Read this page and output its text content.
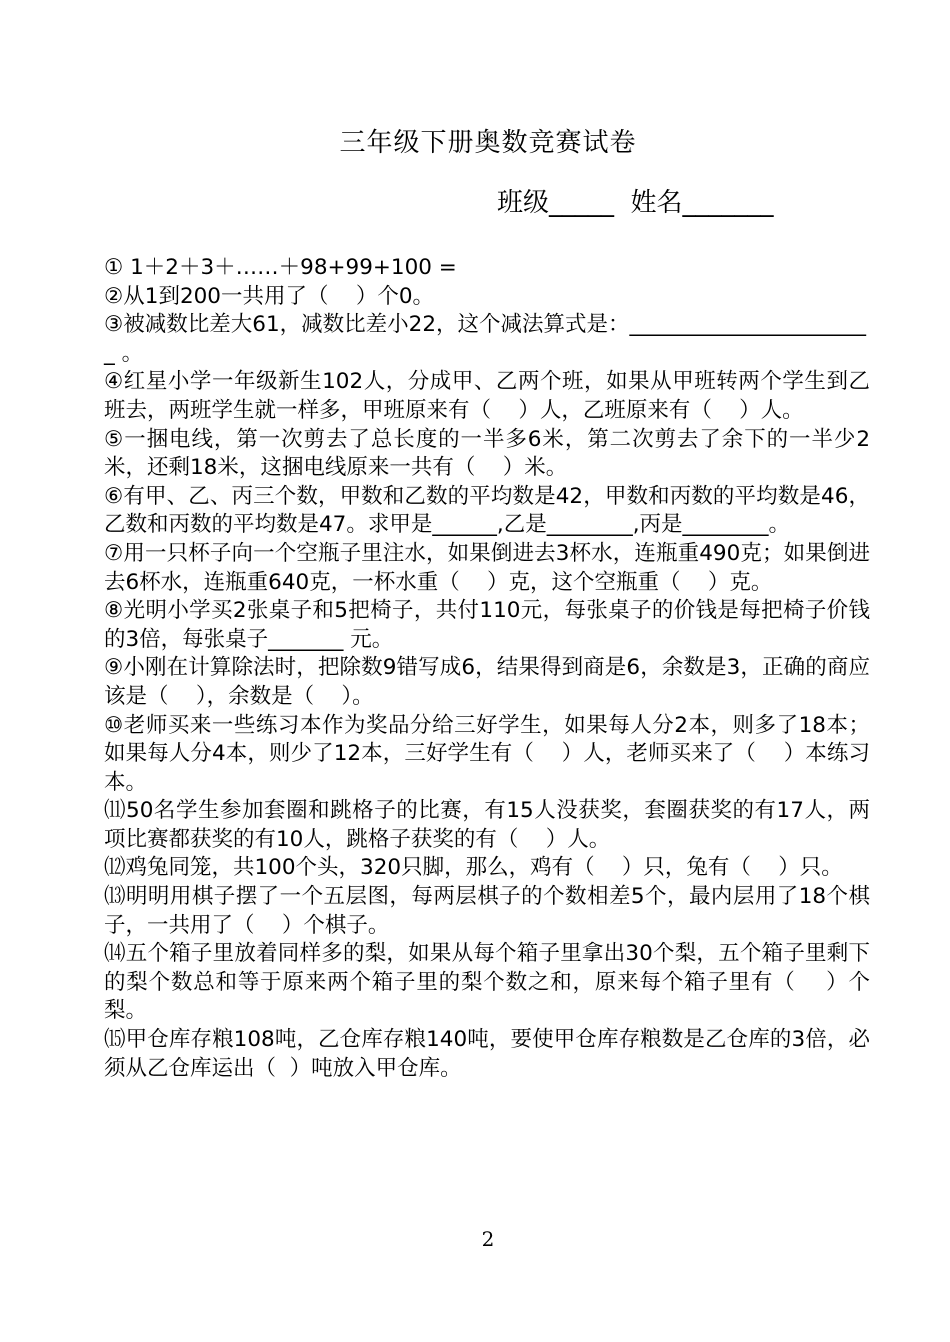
三年级下册奥数竞赛试卷
班级_____  姓名_______

① 1＋2＋3＋……＋98+99+100 =

②从1到200一共用了（    ）个0。

③被减数比差大61，减数比差小22，这个减法算式是：_______________________ 。

④红星小学一年级新生102人，分成甲、乙两个班，如果从甲班转两个学生到乙班去，两班学生就一样多，甲班原来有（    ）人，乙班原来有（    ）人。

⑤一捆电线，第一次剪去了总长度的一半多6米，第二次剪去了余下的一半少2米，还剩18米，这捆电线原来一共有（    ）米。

⑥有甲、乙、丙三个数，甲数和乙数的平均数是42，甲数和丙数的平均数是46，乙数和丙数的平均数是47。求甲是______,乙是________,丙是________。

⑦用一只杯子向一个空瓶子里注水，如果倒进去3杯水，连瓶重490克；如果倒进去6杯水，连瓶重640克，一杯水重（    ）克，这个空瓶重（    ）克。

⑧光明小学买2张桌子和5把椅子，共付110元，每张桌子的价钱是每把椅子价钱的3倍，每张桌子_______ 元。

⑨小刚在计算除法时，把除数9错写成6，结果得到商是6，余数是3，正确的商应该是（    ），余数是（    ）。

⑩老师买来一些练习本作为奖品分给三好学生，如果每人分2本，则多了18本；如果每人分4本，则少了12本，三好学生有（    ）人，老师买来了（    ）本练习本。

⑾50名学生参加套圈和跳格子的比赛，有15人没获奖，套圈获奖的有17人，两项比赛都获奖的有10人，跳格子获奖的有（    ）人。

⑿鸡兔同笼，共100个头，320只脚，那么，鸡有（    ）只，兔有（    ）只。

⒀明明用棋子摆了一个五层图，每两层棋子的个数相差5个，最内层用了18个棋子，一共用了（    ）个棋子。

⒁五个箱子里放着同样多的梨，如果从每个箱子里拿出30个梨，五个箱子里剩下的梨个数总和等于原来两个箱子里的梨个数之和，原来每个箱子里有（    ）个梨。

⒂甲仓库存粮108吨，乙仓库存粮140吨，要使甲仓库存粮数是乙仓库的3倍，必须从乙仓库运出（  ）吨放入甲仓库。

2
